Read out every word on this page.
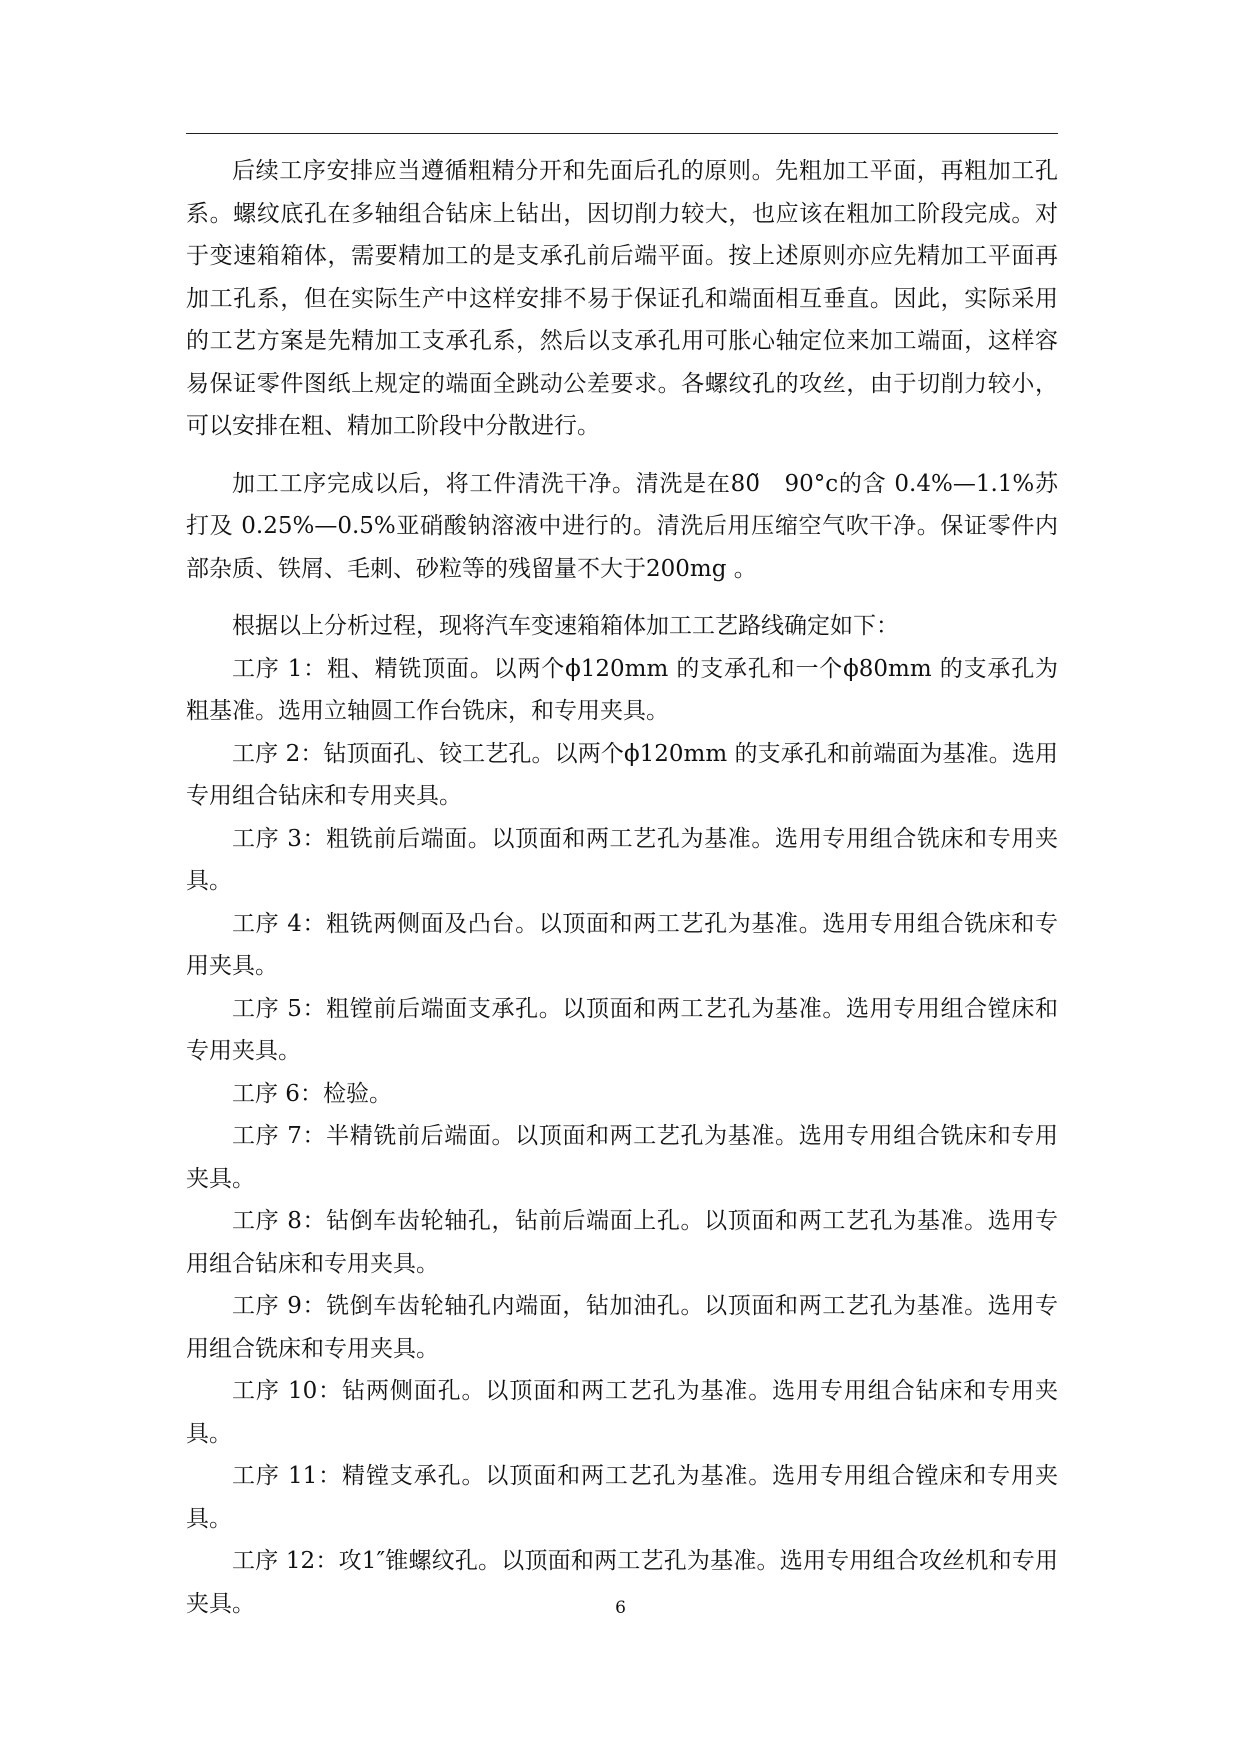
后续工序安排应当遵循粗精分开和先面后孔的原则。先粗加工平面，再粗加工孔系。螺纹底孔在多轴组合钻床上钻出，因切削力较大，也应该在粗加工阶段完成。对于变速箱箱体，需要精加工的是支承孔前后端平面。按上述原则亦应先精加工平面再加工孔系，但在实际生产中这样安排不易于保证孔和端面相互垂直。因此，实际采用的工艺方案是先精加工支承孔系，然后以支承孔用可胀心轴定位来加工端面，这样容易保证零件图纸上规定的端面全跳动公差要求。各螺纹孔的攻丝，由于切削力较小，可以安排在粗、精加工阶段中分散进行。

加工工序完成以后，将工件清洗干净。清洗是在80̃　90°c的含 0.4%—1.1%苏打及 0.25%—0.5%亚硝酸钠溶液中进行的。清洗后用压缩空气吹干净。保证零件内部杂质、铁屑、毛刺、砂粒等的残留量不大于200mg 。

根据以上分析过程，现将汽车变速箱箱体加工工艺路线确定如下：

工序 1：粗、精铣顶面。以两个ϕ120mm 的支承孔和一个ϕ80mm 的支承孔为粗基准。选用立轴圆工作台铣床，和专用夹具。

工序 2：钻顶面孔、铰工艺孔。以两个ϕ120mm 的支承孔和前端面为基准。选用专用组合钻床和专用夹具。

工序 3：粗铣前后端面。以顶面和两工艺孔为基准。选用专用组合铣床和专用夹具。

工序 4：粗铣两侧面及凸台。以顶面和两工艺孔为基准。选用专用组合铣床和专用夹具。

工序 5：粗镗前后端面支承孔。以顶面和两工艺孔为基准。选用专用组合镗床和专用夹具。

工序 6：检验。

工序 7：半精铣前后端面。以顶面和两工艺孔为基准。选用专用组合铣床和专用夹具。

工序 8：钻倒车齿轮轴孔，钻前后端面上孔。以顶面和两工艺孔为基准。选用专用组合钻床和专用夹具。

工序 9：铣倒车齿轮轴孔内端面，钻加油孔。以顶面和两工艺孔为基准。选用专用组合铣床和专用夹具。

工序 10：钻两侧面孔。以顶面和两工艺孔为基准。选用专用组合钻床和专用夹具。

工序 11：精镗支承孔。以顶面和两工艺孔为基准。选用专用组合镗床和专用夹具。

工序 12：攻1″锥螺纹孔。以顶面和两工艺孔为基准。选用专用组合攻丝机和专用夹具。	6
